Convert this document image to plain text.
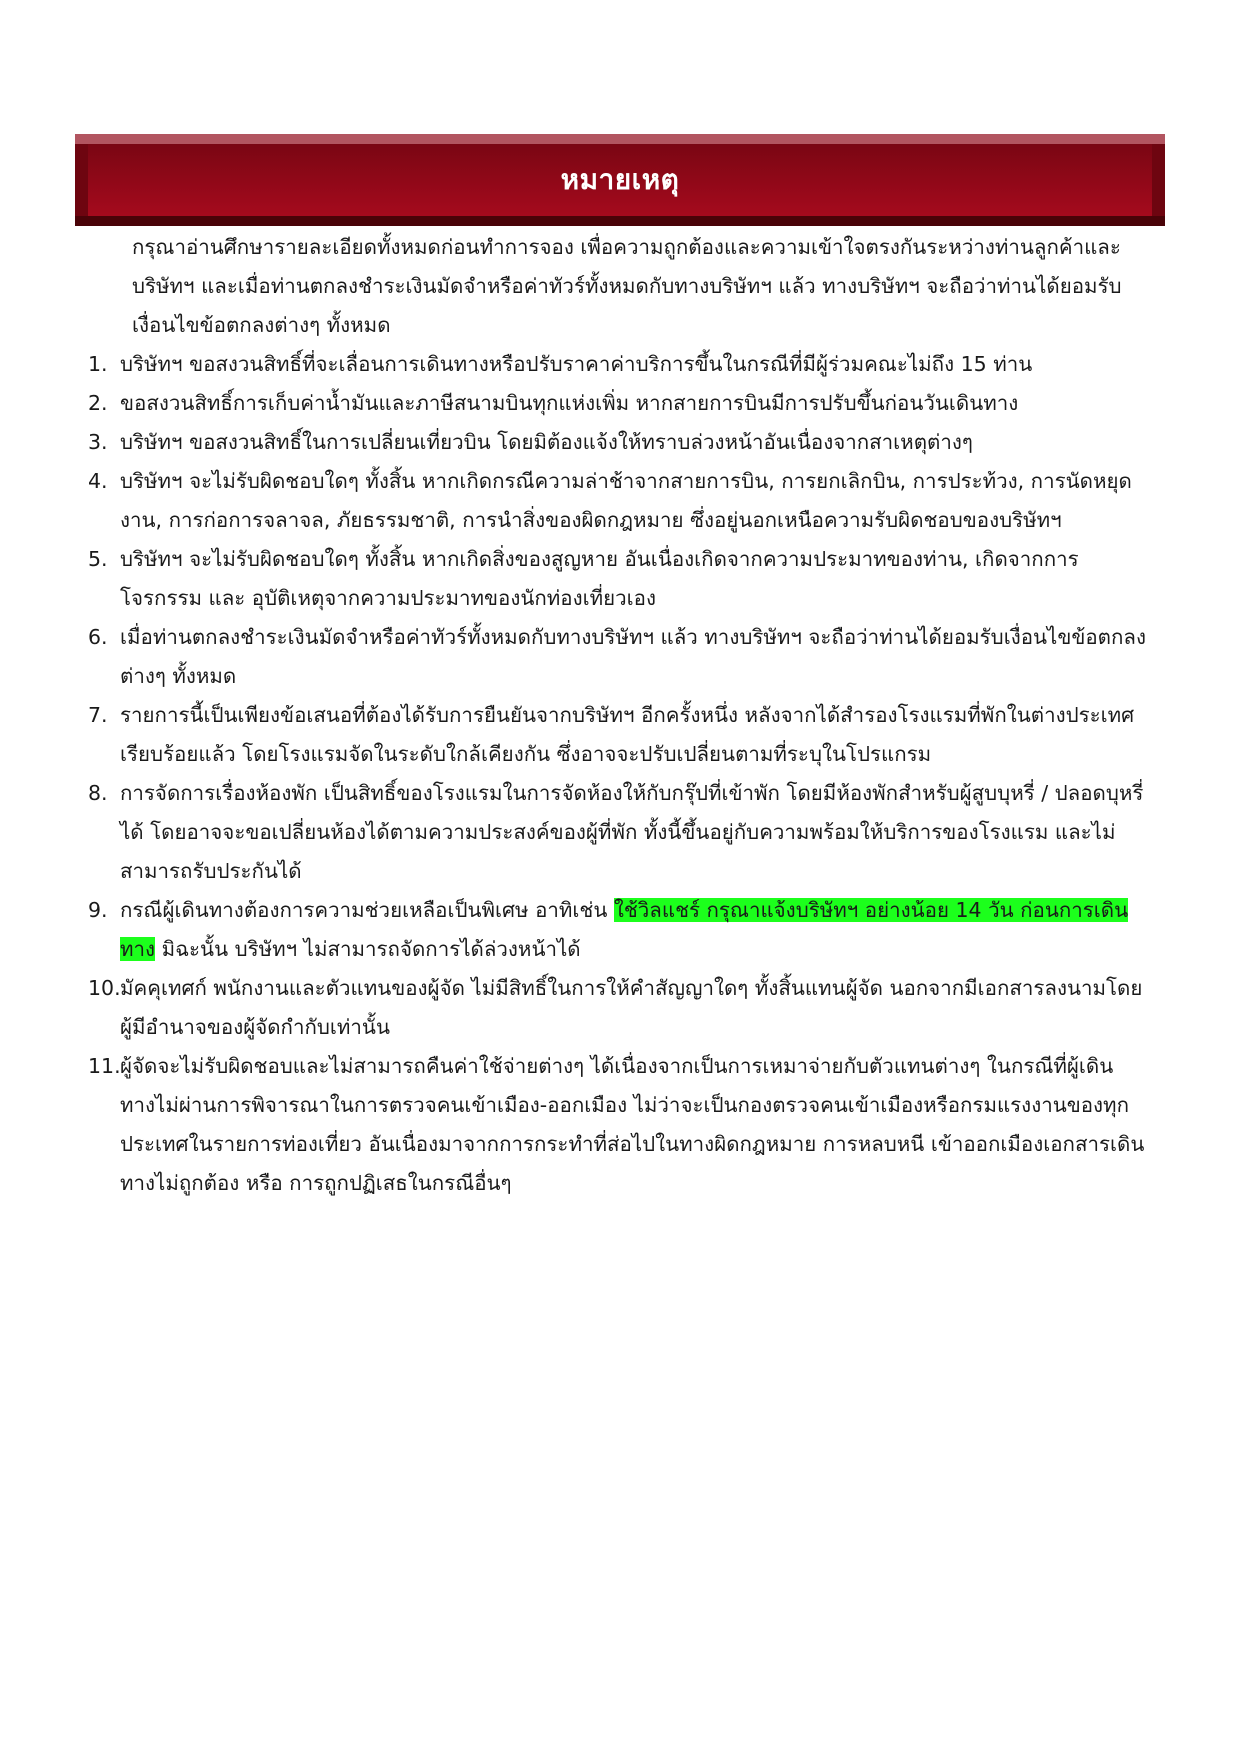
หมายเหตุ

กรุณาอ่านศึกษารายละเอียดทั้งหมดก่อนทำการจอง เพื่อความถูกต้องและความเข้าใจตรงกันระหว่างท่านลูกค้าและบริษัทฯ และเมื่อท่านตกลงชำระเงินมัดจำหรือค่าทัวร์ทั้งหมดกับทางบริษัทฯ แล้ว ทางบริษัทฯ จะถือว่าท่านได้ยอมรับเงื่อนไขข้อตกลงต่างๆ ทั้งหมด

1. บริษัทฯ ขอสงวนสิทธิ์ที่จะเลื่อนการเดินทางหรือปรับราคาค่าบริการขึ้นในกรณีที่มีผู้ร่วมคณะไม่ถึง 15 ท่าน
2. ขอสงวนสิทธิ์การเก็บค่าน้ำมันและภาษีสนามบินทุกแห่งเพิ่ม หากสายการบินมีการปรับขึ้นก่อนวันเดินทาง
3. บริษัทฯ ขอสงวนสิทธิ์ในการเปลี่ยนเที่ยวบิน โดยมิต้องแจ้งให้ทราบล่วงหน้าอันเนื่องจากสาเหตุต่างๆ
4. บริษัทฯ จะไม่รับผิดชอบใดๆ ทั้งสิ้น หากเกิดกรณีความล่าช้าจากสายการบิน, การยกเลิกบิน, การประท้วง, การนัดหยุดงาน, การก่อการจลาจล, ภัยธรรมชาติ, การนำสิ่งของผิดกฎหมาย ซึ่งอยู่นอกเหนือความรับผิดชอบของบริษัทฯ
5. บริษัทฯ จะไม่รับผิดชอบใดๆ ทั้งสิ้น หากเกิดสิ่งของสูญหาย อันเนื่องเกิดจากความประมาทของท่าน, เกิดจากการโจรกรรม และ อุบัติเหตุจากความประมาทของนักท่องเที่ยวเอง
6. เมื่อท่านตกลงชำระเงินมัดจำหรือค่าทัวร์ทั้งหมดกับทางบริษัทฯ แล้ว ทางบริษัทฯ จะถือว่าท่านได้ยอมรับเงื่อนไขข้อตกลงต่างๆ ทั้งหมด
7. รายการนี้เป็นเพียงข้อเสนอที่ต้องได้รับการยืนยันจากบริษัทฯ อีกครั้งหนึ่ง หลังจากได้สำรองโรงแรมที่พักในต่างประเทศเรียบร้อยแล้ว โดยโรงแรมจัดในระดับใกล้เคียงกัน ซึ่งอาจจะปรับเปลี่ยนตามที่ระบุในโปรแกรม
8. การจัดการเรื่องห้องพัก เป็นสิทธิ์ของโรงแรมในการจัดห้องให้กับกรุ๊ปที่เข้าพัก โดยมีห้องพักสำหรับผู้สูบบุหรี่ / ปลอดบุหรี่ได้ โดยอาจจะขอเปลี่ยนห้องได้ตามความประสงค์ของผู้ที่พัก ทั้งนี้ขึ้นอยู่กับความพร้อมให้บริการของโรงแรม และไม่สามารถรับประกันได้
9. กรณีผู้เดินทางต้องการความช่วยเหลือเป็นพิเศษ อาทิเช่น ใช้วิลแชร์ กรุณาแจ้งบริษัทฯ อย่างน้อย 14 วัน ก่อนการเดินทาง มิฉะนั้น บริษัทฯ ไม่สามารถจัดการได้ล่วงหน้าได้
10. มัคคุเทศก์ พนักงานและตัวแทนของผู้จัด ไม่มีสิทธิ์ในการให้คำสัญญาใดๆ ทั้งสิ้นแทนผู้จัด นอกจากมีเอกสารลงนามโดยผู้มีอำนาจของผู้จัดกำกับเท่านั้น
11. ผู้จัดจะไม่รับผิดชอบและไม่สามารถคืนค่าใช้จ่ายต่างๆ ได้เนื่องจากเป็นการเหมาจ่ายกับตัวแทนต่างๆ ในกรณีที่ผู้เดินทางไม่ผ่านการพิจารณาในการตรวจคนเข้าเมือง-ออกเมือง ไม่ว่าจะเป็นกองตรวจคนเข้าเมืองหรือกรมแรงงานของทุกประเทศในรายการท่องเที่ยว อันเนื่องมาจากการกระทำที่ส่อไปในทางผิดกฎหมาย การหลบหนี เข้าออกเมืองเอกสารเดินทางไม่ถูกต้อง หรือ การถูกปฏิเสธในกรณีอื่นๆ
